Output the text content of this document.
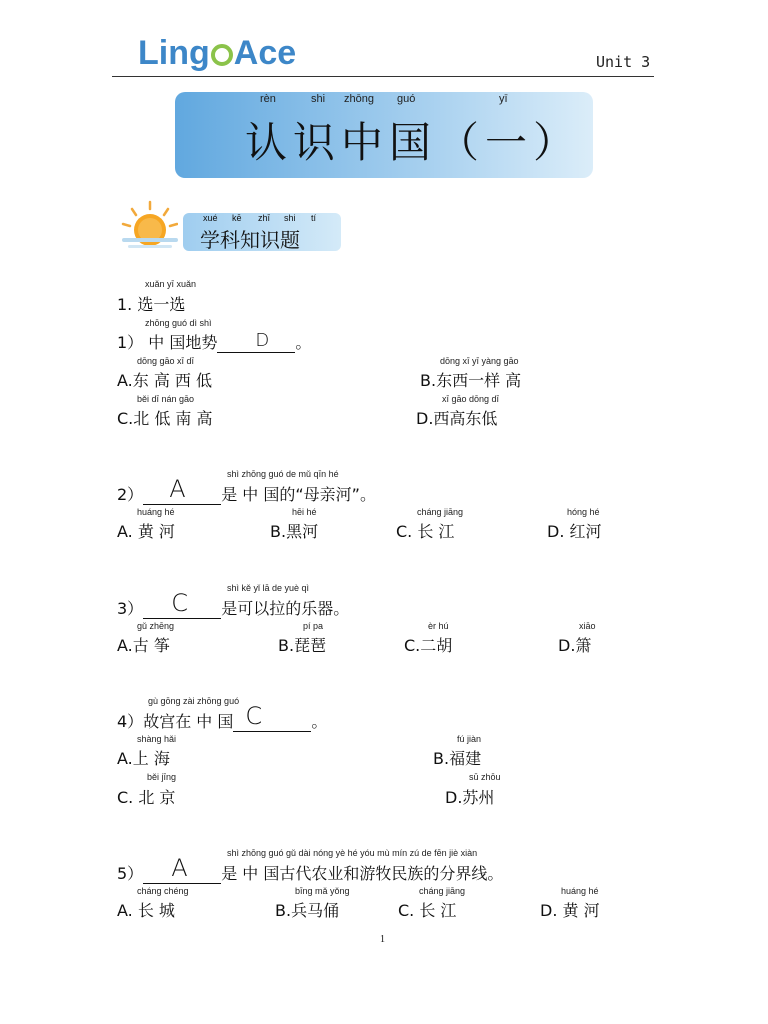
Ling Ace	Unit 3
rèn	shi zhōng guó	yī
认识中国（一）
xué kē zhī shi tí
学科知识题
xuǎn yī xuǎn
1. 选一选
zhōng guó dì shì
1） 中 国地势 D 。
dōng gāo xī dī
A.东 高 西 低
dōng xī yī yàng gāo
B.东西一样 高
běi dī nán gāo
C.北 低 南 高
xī gāo dōng dī
D.西高东低
shì zhōng guó de mǔ qīn hé
2） A 是 中 国的“母亲河”。
huáng hé
A. 黄 河
hēi hé
B.黑河
cháng jiāng
C. 长 江
hóng hé
D. 红河
shì kě yǐ lā de yuè qì
3） C 是可以拉的乐器。
gǔ zhēng
A.古 筝
pí pa
B.琵琶
èr hú
C.二胡
xiāo
D.箫
gù gōng zài zhōng guó
4）故宫在 中 国 C	。
shàng hǎi
A.上 海
fú jiàn
B.福建
běi jīng
C. 北 京
sū zhōu
D.苏州
shì zhōng guó gǔ dài nóng yè hé yóu mù mín zú de fēn jiè xiàn
5） A 是 中 国古代农业和游牧民族的分界线。
cháng chéng
A. 长 城
bīng mǎ yǒng
B.兵马俑
cháng jiāng
C. 长 江
huáng hé
D. 黄 河
1
